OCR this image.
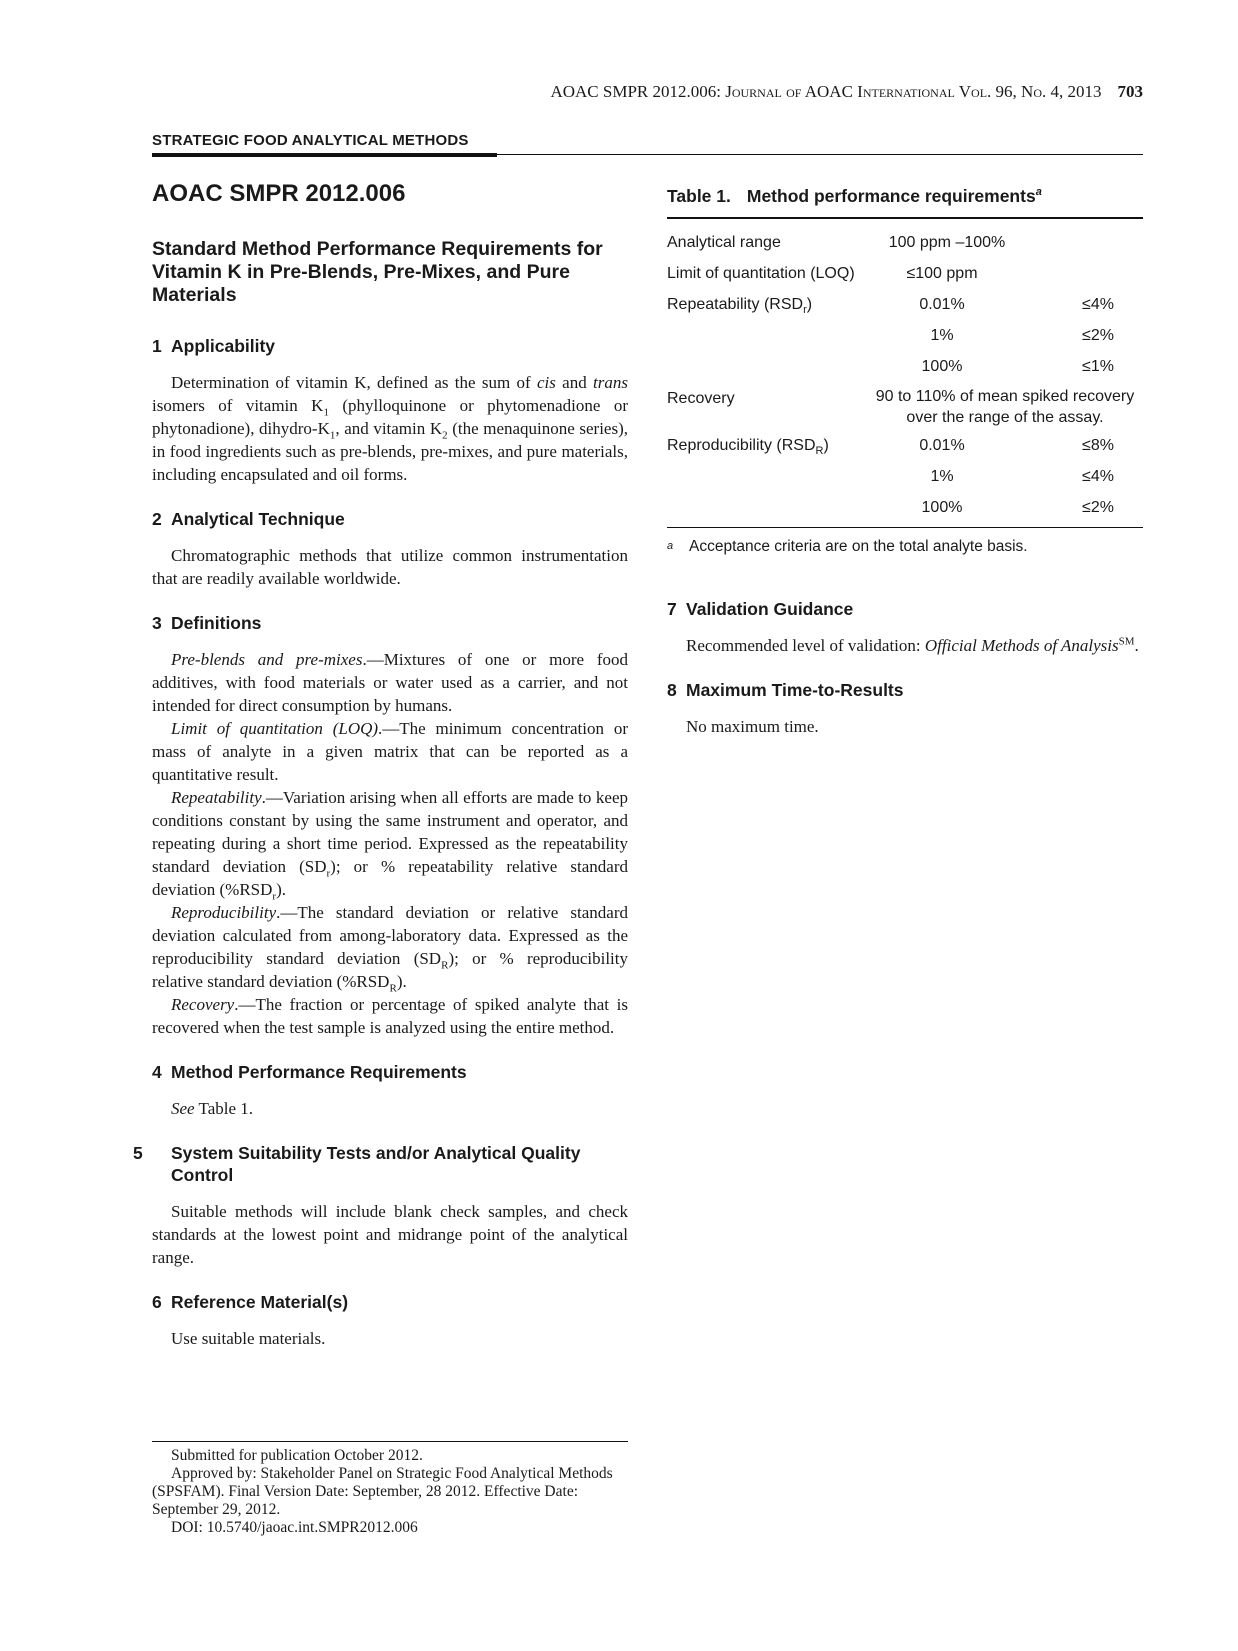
AOAC SMPR 2012.006: Journal of AOAC International Vol. 96, No. 4, 2013 703
STRATEGIC FOOD ANALYTICAL METHODS
AOAC SMPR 2012.006
Standard Method Performance Requirements for Vitamin K in Pre-Blends, Pre-Mixes, and Pure Materials
1 Applicability

Determination of vitamin K, defined as the sum of cis and trans isomers of vitamin $K_1$ (phylloquinone or phytomenadione or phytonadione), dihydro-$K_1$, and vitamin $K_2$ (the menaquinone series), in food ingredients such as pre-blends, pre-mixes, and pure materials, including encapsulated and oil forms.

2 Analytical Technique

Chromatographic methods that utilize common instrumentation that are readily available worldwide.

3 Definitions

Pre-blends and pre-mixes.—Mixtures of one or more food additives, with food materials or water used as a carrier, and not intended for direct consumption by humans.

Limit of quantitation (LOQ).—The minimum concentration or mass of analyte in a given matrix that can be reported as a quantitative result.

Repeatability.—Variation arising when all efforts are made to keep conditions constant by using the same instrument and operator, and repeating during a short time period. Expressed as the repeatability standard deviation $(SD_r)$; or % repeatability relative standard deviation $(\%RSD_r)$.

Reproducibility.—The standard deviation or relative standard deviation calculated from among-laboratory data. Expressed as the reproducibility standard deviation $(SD_R)$; or % reproducibility relative standard deviation $(\%RSD_R)$.

Recovery.—The fraction or percentage of spiked analyte that is recovered when the test sample is analyzed using the entire method.

4 Method Performance Requirements

See Table 1.

5 System Suitability Tests and/or Analytical Quality Control

Suitable methods will include blank check samples, and check standards at the lowest point and midrange point of the analytical range.

6 Reference Material(s)

Use suitable materials.

Table 1. Method performance requirements$^a$
Analytical range	100 ppm –100%	
Limit of quantitation (LOQ)	≤100 ppm	
Repeatability $(RSD_r)$	0.01%	≤4%
	1%	≤2%
	100%	≤1%
Recovery	90 to 110% of mean spiked recovery
over the range of the assay.	
Reproducibility $(RSD_R)$	0.01%	≤8%
	1%	≤4%
	100%	≤2%
a Acceptance criteria are on the total analyte basis.
7 Validation Guidance

Recommended level of validation: Official Methods of Analysis℠.

8 Maximum Time-to-Results

No maximum time.

Submitted for publication October 2012.

Approved by: Stakeholder Panel on Strategic Food Analytical Methods (SPSFAM). Final Version Date: September, 28 2012. Effective Date: September 29, 2012.

DOI: 10.5740/jaoac.int.SMPR2012.006
